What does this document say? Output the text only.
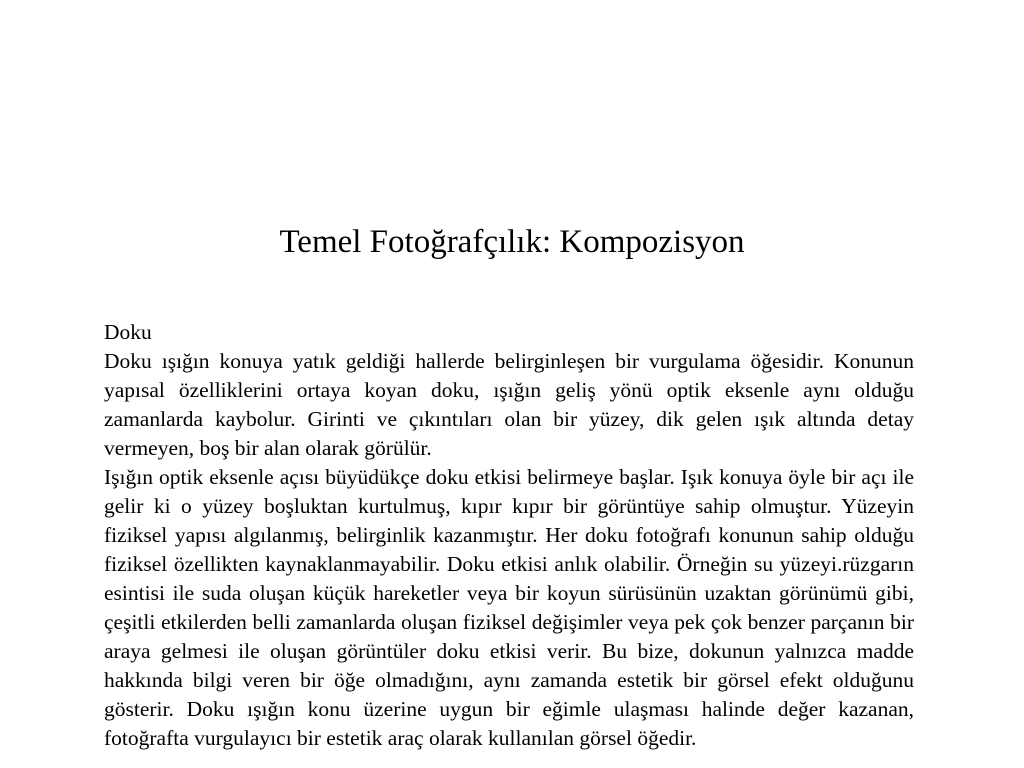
Temel Fotoğrafçılık: Kompozisyon
Doku

Doku ışığın konuya yatık geldiği hallerde belirginleşen bir vurgulama öğesidir. Konunun yapısal özelliklerini ortaya koyan doku, ışığın geliş yönü optik eksenle aynı olduğu zamanlarda kaybolur. Girinti ve çıkıntıları olan bir yüzey, dik gelen ışık altında detay vermeyen, boş bir alan olarak görülür.

Işığın optik eksenle açısı büyüdükçe doku etkisi belirmeye başlar. Işık konuya öyle bir açı ile gelir ki o yüzey boşluktan kurtulmuş, kıpır kıpır bir görüntüye sahip olmuştur. Yüzeyin fiziksel yapısı algılanmış, belirginlik kazanmıştır. Her doku fotoğrafı konunun sahip olduğu fiziksel özellikten kaynaklanmayabilir. Doku etkisi anlık olabilir. Örneğin su yüzeyi.rüzgarın esintisi ile suda oluşan küçük hareketler veya bir koyun sürüsünün uzaktan görünümü gibi, çeşitli etkilerden belli zamanlarda oluşan fiziksel değişimler veya pek çok benzer parçanın bir araya gelmesi ile oluşan görüntüler doku etkisi verir. Bu bize, dokunun yalnızca madde hakkında bilgi veren bir öğe olmadığını, aynı zamanda estetik bir görsel efekt olduğunu gösterir. Doku ışığın konu üzerine uygun bir eğimle ulaşması halinde değer kazanan, fotoğrafta vurgulayıcı bir estetik araç olarak kullanılan görsel öğedir.
